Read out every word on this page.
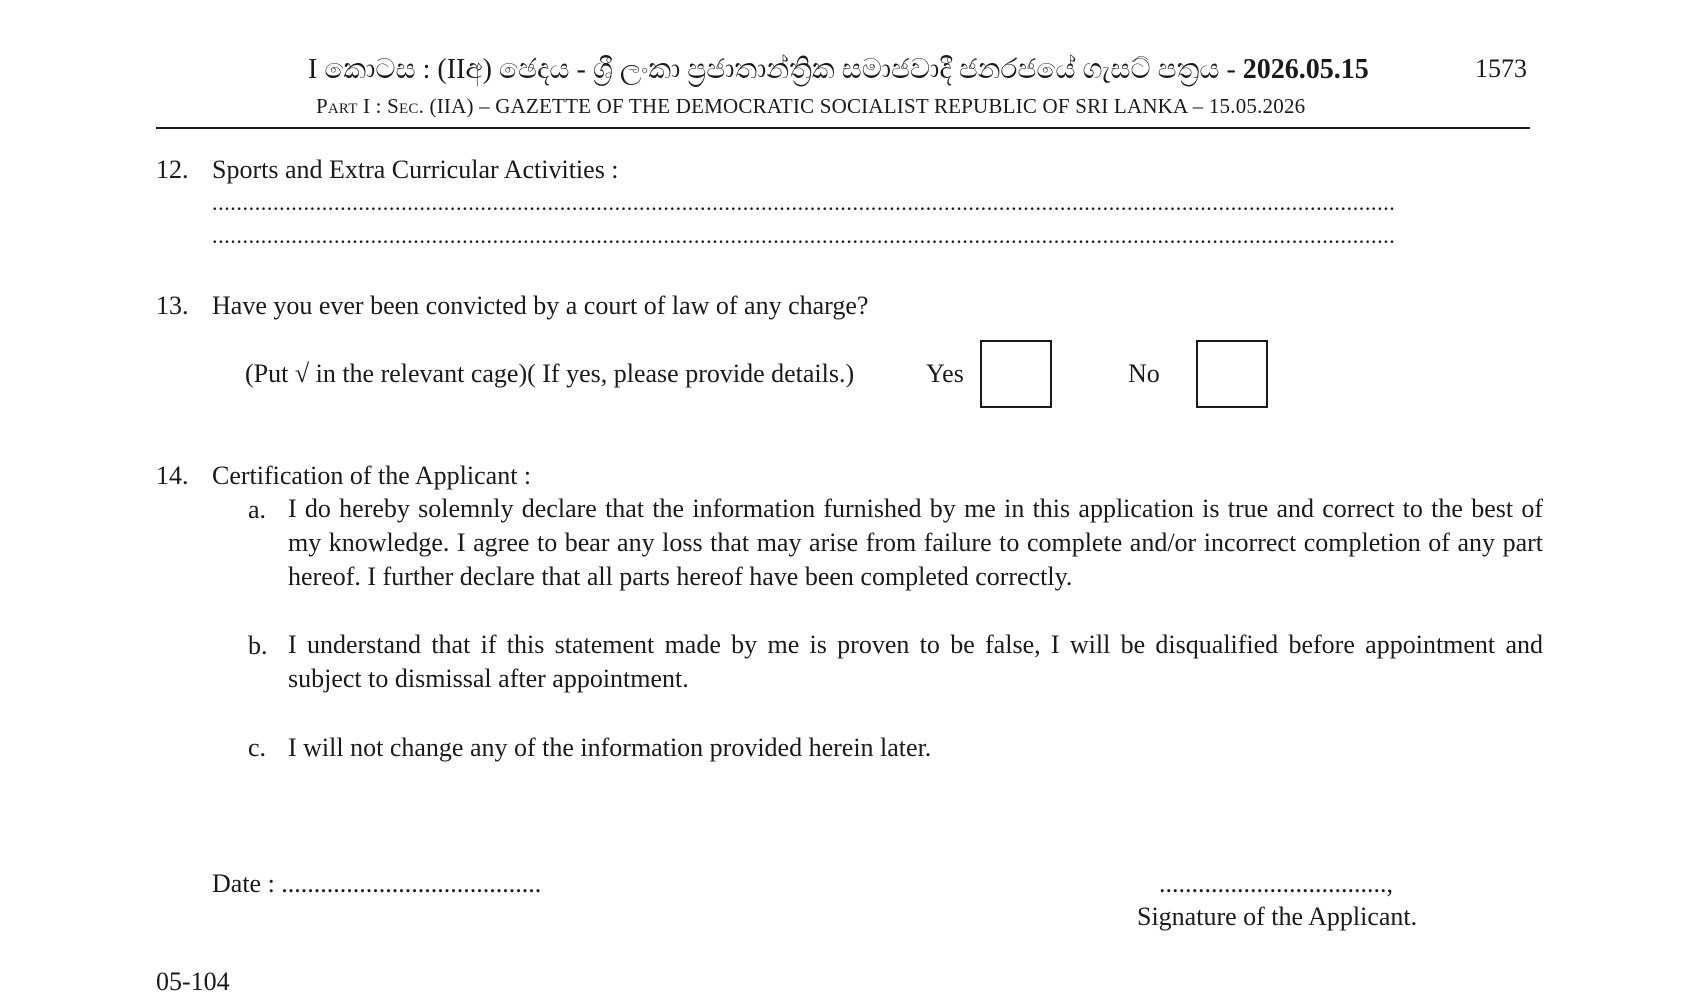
I කොටස : (IIඅ) ඡෙදය - ශ්‍රී ලංකා ප්‍රජාතාන්ත්‍රික සමාජවාදී ජනරජයේ ගැසට් පත්‍රය - 2026.05.15	1573
Part I : Sec. (IIA) – GAZETTE OF THE DEMOCRATIC SOCIALIST REPUBLIC OF SRI LANKA – 15.05.2026
12. Sports and Extra Curricular Activities :
..................................................................................................................................................................................................
..................................................................................................................................................................................................
13. Have you ever been convicted by a court of law of any charge?
(Put √ in the relevant cage)( If yes, please provide details.)	Yes	No
14. Certification of the Applicant :
a. I do hereby solemnly declare that the information furnished by me in this application is true and correct to the best of my knowledge. I agree to bear any loss that may arise from failure to complete and/or incorrect completion of any part hereof. I further declare that all parts hereof have been completed correctly.
b. I understand that if this statement made by me is proven to be false, I will be disqualified before appointment and subject to dismissal after appointment.
c. I will not change any of the information provided herein later.
Date : ........................................	...................................,
Signature of the Applicant.
05-104
